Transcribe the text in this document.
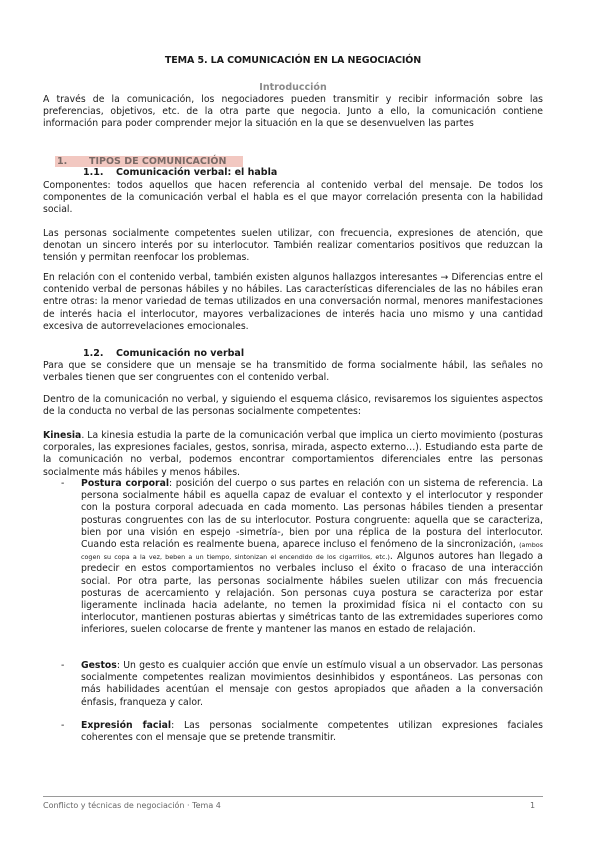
TEMA 5. LA COMUNICACIÓN EN LA NEGOCIACIÓN
Introducción
A través de la comunicación, los negociadores pueden transmitir y recibir información sobre las preferencias, objetivos, etc. de la otra parte que negocia. Junto a ello, la comunicación contiene información para poder comprender mejor la situación en la que se desenvuelven las partes
1. TIPOS DE COMUNICACIÓN
1.1. Comunicación verbal: el habla
Componentes: todos aquellos que hacen referencia al contenido verbal del mensaje. De todos los componentes de la comunicación verbal el habla es el que mayor correlación presenta con la habilidad social.
Las personas socialmente competentes suelen utilizar, con frecuencia, expresiones de atención, que denotan un sincero interés por su interlocutor. También realizar comentarios positivos que reduzcan la tensión y permitan reenfocar los problemas.
En relación con el contenido verbal, también existen algunos hallazgos interesantes → Diferencias entre el contenido verbal de personas hábiles y no hábiles. Las características diferenciales de las no hábiles eran entre otras: la menor variedad de temas utilizados en una conversación normal, menores manifestaciones de interés hacia el interlocutor, mayores verbalizaciones de interés hacia uno mismo y una cantidad excesiva de autorrevelaciones emocionales.
1.2. Comunicación no verbal
Para que se considere que un mensaje se ha transmitido de forma socialmente hábil, las señales no verbales tienen que ser congruentes con el contenido verbal.
Dentro de la comunicación no verbal, y siguiendo el esquema clásico, revisaremos los siguientes aspectos de la conducta no verbal de las personas socialmente competentes:
Kinesia. La kinesia estudia la parte de la comunicación verbal que implica un cierto movimiento (posturas corporales, las expresiones faciales, gestos, sonrisa, mirada, aspecto externo…). Estudiando esta parte de la comunicación no verbal, podemos encontrar comportamientos diferenciales entre las personas socialmente más hábiles y menos hábiles.
- Postura corporal: posición del cuerpo o sus partes en relación con un sistema de referencia. La persona socialmente hábil es aquella capaz de evaluar el contexto y el interlocutor y responder con la postura corporal adecuada en cada momento. Las personas hábiles tienden a presentar posturas congruentes con las de su interlocutor. Postura congruente: aquella que se caracteriza, bien por una visión en espejo -simetría-, bien por una réplica de la postura del interlocutor. Cuando esta relación es realmente buena, aparece incluso el fenómeno de la sincronización, (ambos cogen su copa a la vez, beben a un tiempo, sintonizan el encendido de los cigarrillos, etc.). Algunos autores han llegado a predecir en estos comportamientos no verbales incluso el éxito o fracaso de una interacción social. Por otra parte, las personas socialmente hábiles suelen utilizar con más frecuencia posturas de acercamiento y relajación. Son personas cuya postura se caracteriza por estar ligeramente inclinada hacia adelante, no temen la proximidad física ni el contacto con su interlocutor, mantienen posturas abiertas y simétricas tanto de las extremidades superiores como inferiores, suelen colocarse de frente y mantener las manos en estado de relajación.
- Gestos: Un gesto es cualquier acción que envíe un estímulo visual a un observador. Las personas socialmente competentes realizan movimientos desinhibidos y espontáneos. Las personas con más habilidades acentúan el mensaje con gestos apropiados que añaden a la conversación énfasis, franqueza y calor.
- Expresión facial: Las personas socialmente competentes utilizan expresiones faciales coherentes con el mensaje que se pretende transmitir.
Conflicto y técnicas de negociación · Tema 4	1
